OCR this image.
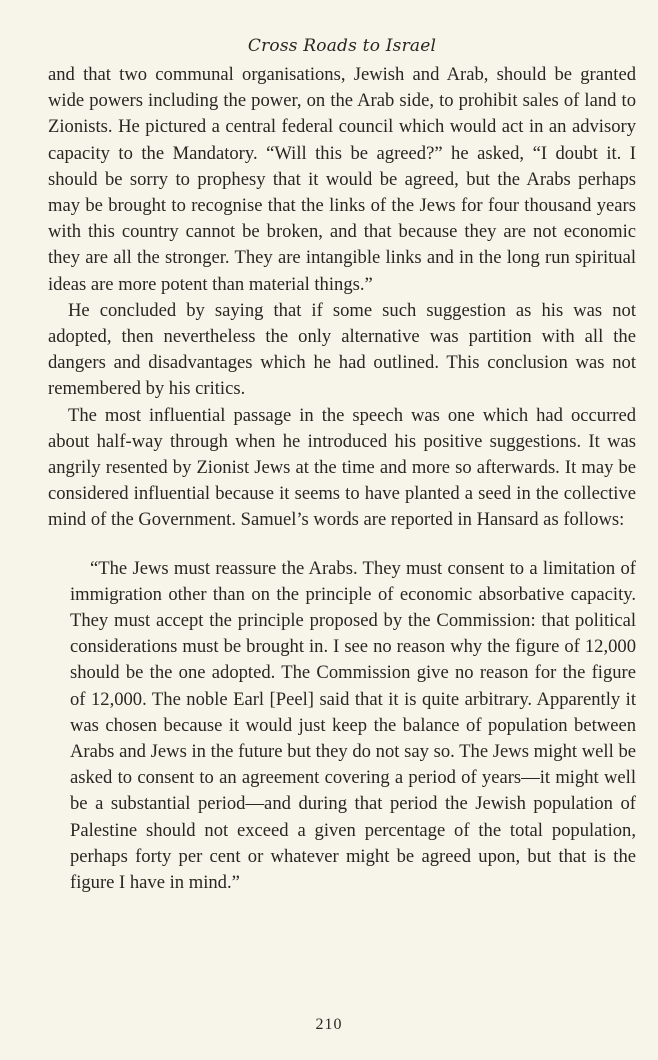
Cross Roads to Israel

and that two communal organisations, Jewish and Arab, should be granted wide powers including the power, on the Arab side, to prohibit sales of land to Zionists. He pictured a central federal council which would act in an advisory capacity to the Mandatory. “Will this be agreed?” he asked, “I doubt it. I should be sorry to prophesy that it would be agreed, but the Arabs perhaps may be brought to recognise that the links of the Jews for four thousand years with this country cannot be broken, and that because they are not economic they are all the stronger. They are intangible links and in the long run spiritual ideas are more potent than material things.”

He concluded by saying that if some such suggestion as his was not adopted, then nevertheless the only alternative was partition with all the dangers and disadvantages which he had outlined. This conclusion was not remembered by his critics.

The most influential passage in the speech was one which had occurred about half-way through when he introduced his positive suggestions. It was angrily resented by Zionist Jews at the time and more so afterwards. It may be considered influential because it seems to have planted a seed in the collective mind of the Government. Samuel’s words are reported in Hansard as follows:

“The Jews must reassure the Arabs. They must consent to a limitation of immigration other than on the principle of economic absorbative capacity. They must accept the principle proposed by the Commission: that political considerations must be brought in. I see no reason why the figure of 12,000 should be the one adopted. The Commission give no reason for the figure of 12,000. The noble Earl [Peel] said that it is quite arbitrary. Apparently it was chosen because it would just keep the balance of population between Arabs and Jews in the future but they do not say so. The Jews might well be asked to consent to an agreement covering a period of years—it might well be a substantial period—and during that period the Jewish population of Palestine should not exceed a given percentage of the total population, perhaps forty per cent or whatever might be agreed upon, but that is the figure I have in mind.”

210
